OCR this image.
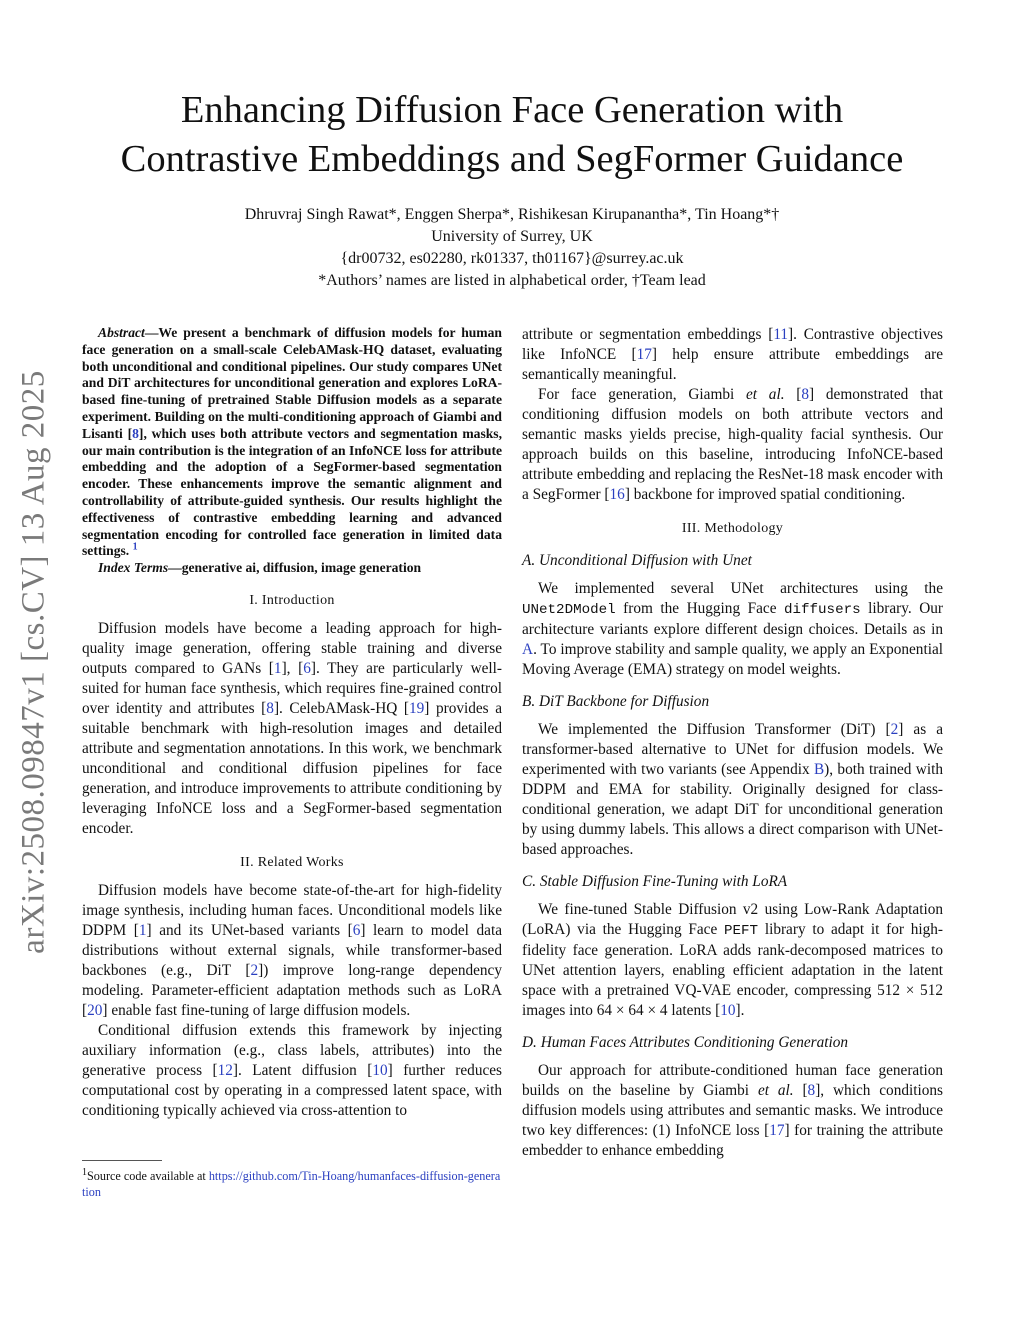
arXiv:2508.09847v1 [cs.CV] 13 Aug 2025
Enhancing Diffusion Face Generation with
Contrastive Embeddings and SegFormer Guidance
Dhruvraj Singh Rawat*, Enggen Sherpa*, Rishikesan Kirupanantha*, Tin Hoang*†
University of Surrey, UK
{dr00732, es02280, rk01337, th01167}@surrey.ac.uk
*Authors’ names are listed in alphabetical order, †Team lead

Abstract—We present a benchmark of diffusion models for human face generation on a small-scale CelebAMask-HQ dataset, evaluating both unconditional and conditional pipelines. Our study compares UNet and DiT architectures for unconditional generation and explores LoRA-based fine-tuning of pretrained Stable Diffusion models as a separate experiment. Building on the multi-conditioning approach of Giambi and Lisanti [8], which uses both attribute vectors and segmentation masks, our main contribution is the integration of an InfoNCE loss for attribute embedding and the adoption of a SegFormer-based segmentation encoder. These enhancements improve the semantic alignment and controllability of attribute-guided synthesis. Our results highlight the effectiveness of contrastive embedding learning and advanced segmentation encoding for controlled face generation in limited data settings. $^1$

Index Terms—generative ai, diffusion, image generation

I. Introduction

Diffusion models have become a leading approach for high-quality image generation, offering stable training and diverse outputs compared to GANs [1], [6]. They are particularly well-suited for human face synthesis, which requires fine-grained control over identity and attributes [8]. CelebAMask-HQ [19] provides a suitable benchmark with high-resolution images and detailed attribute and segmentation annotations. In this work, we benchmark unconditional and conditional diffusion pipelines for face generation, and introduce improvements to attribute conditioning by leveraging InfoNCE loss and a SegFormer-based segmentation encoder.

II. Related Works

Diffusion models have become state-of-the-art for high-fidelity image synthesis, including human faces. Unconditional models like DDPM [1] and its UNet-based variants [6] learn to model data distributions without external signals, while transformer-based backbones (e.g., DiT [2]) improve long-range dependency modeling. Parameter-efficient adaptation methods such as LoRA [20] enable fast fine-tuning of large diffusion models.

Conditional diffusion extends this framework by injecting auxiliary information (e.g., class labels, attributes) into the generative process [12]. Latent diffusion [10] further reduces computational cost by operating in a compressed latent space, with conditioning typically achieved via cross-attention to

$^1$Source code available at https://github.com/Tin-Hoang/humanfaces-diffusion-generation

attribute or segmentation embeddings [11]. Contrastive objectives like InfoNCE [17] help ensure attribute embeddings are semantically meaningful.

For face generation, Giambi et al. [8] demonstrated that conditioning diffusion models on both attribute vectors and semantic masks yields precise, high-quality facial synthesis. Our approach builds on this baseline, introducing InfoNCE-based attribute embedding and replacing the ResNet-18 mask encoder with a SegFormer [16] backbone for improved spatial conditioning.

III. Methodology
A. Unconditional Diffusion with Unet

We implemented several UNet architectures using the UNet2DModel from the Hugging Face diffusers library. Our architecture variants explore different design choices. Details as in A. To improve stability and sample quality, we apply an Exponential Moving Average (EMA) strategy on model weights.

B. DiT Backbone for Diffusion

We implemented the Diffusion Transformer (DiT) [2] as a transformer-based alternative to UNet for diffusion models. We experimented with two variants (see Appendix B), both trained with DDPM and EMA for stability. Originally designed for class-conditional generation, we adapt DiT for unconditional generation by using dummy labels. This allows a direct comparison with UNet-based approaches.

C. Stable Diffusion Fine-Tuning with LoRA

We fine-tuned Stable Diffusion v2 using Low-Rank Adaptation (LoRA) via the Hugging Face PEFT library to adapt it for high-fidelity face generation. LoRA adds rank-decomposed matrices to UNet attention layers, enabling efficient adaptation in the latent space with a pretrained VQ-VAE encoder, compressing 512 × 512 images into 64 × 64 × 4 latents [10].

D. Human Faces Attributes Conditioning Generation

Our approach for attribute-conditioned human face generation builds on the baseline by Giambi et al. [8], which conditions diffusion models using attributes and semantic masks. We introduce two key differences: (1) InfoNCE loss [17] for training the attribute embedder to enhance embedding
